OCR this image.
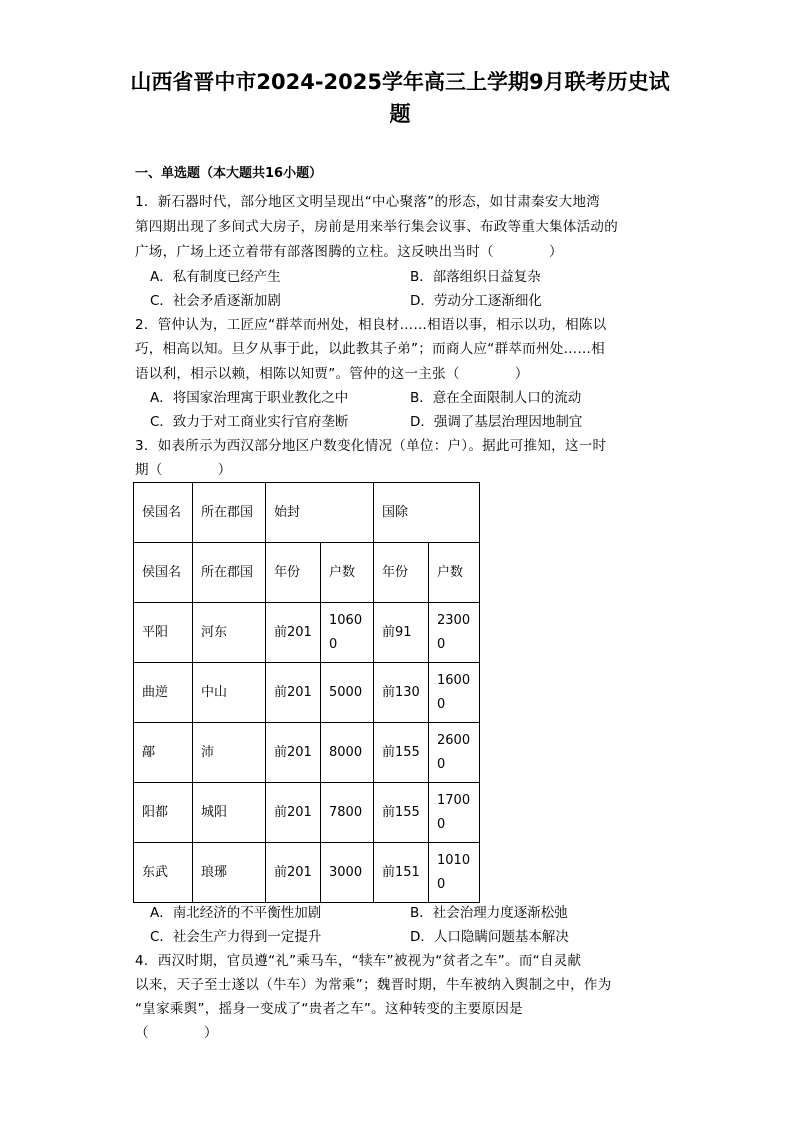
山西省晋中市2024-2025学年高三上学期9月联考历史试
题
一、单选题（本大题共16小题）
1．新石器时代，部分地区文明呈现出“中心聚落”的形态，如甘肃秦安大地湾
第四期出现了多间式大房子，房前是用来举行集会议事、布政等重大集体活动的
广场，广场上还立着带有部落图腾的立柱。这反映出当时（　　　　）
A．私有制度已经产生	B．部落组织日益复杂
C．社会矛盾逐渐加剧	D．劳动分工逐渐细化
2．管仲认为，工匠应“群萃而州处，相良材……相语以事，相示以功，相陈以
巧，相高以知。旦夕从事于此，以此教其子弟”；而商人应“群萃而州处……相
语以利，相示以赖，相陈以知贾”。管仲的这一主张（　　　　）
A．将国家治理寓于职业教化之中	B．意在全面限制人口的流动
C．致力于对工商业实行官府垄断	D．强调了基层治理因地制宜
3．如表所示为西汉部分地区户数变化情况（单位：户）。据此可推知，这一时
期（　　　　）
侯国名	所在郡国	始封		国除	
侯国名	所在郡国	年份	户数	年份	户数
平阳	河东	前201	10600	前91	23000
曲逆	中山	前201	5000	前130	16000
鄗	沛	前201	8000	前155	26000
阳都	城阳	前201	7800	前155	17000
东武	琅琊	前201	3000	前151	10100
A．南北经济的不平衡性加剧	B．社会治理力度逐渐松弛
C．社会生产力得到一定提升	D．人口隐瞒问题基本解决
4．西汉时期，官员遵“礼”乘马车，“犊车”被视为“贫者之车”。而“自灵献
以来，天子至士遂以（牛车）为常乘”；魏晋时期，牛车被纳入舆制之中，作为
“皇家乘舆”，摇身一变成了“贵者之车”。这种转变的主要原因是
（　　　　）
